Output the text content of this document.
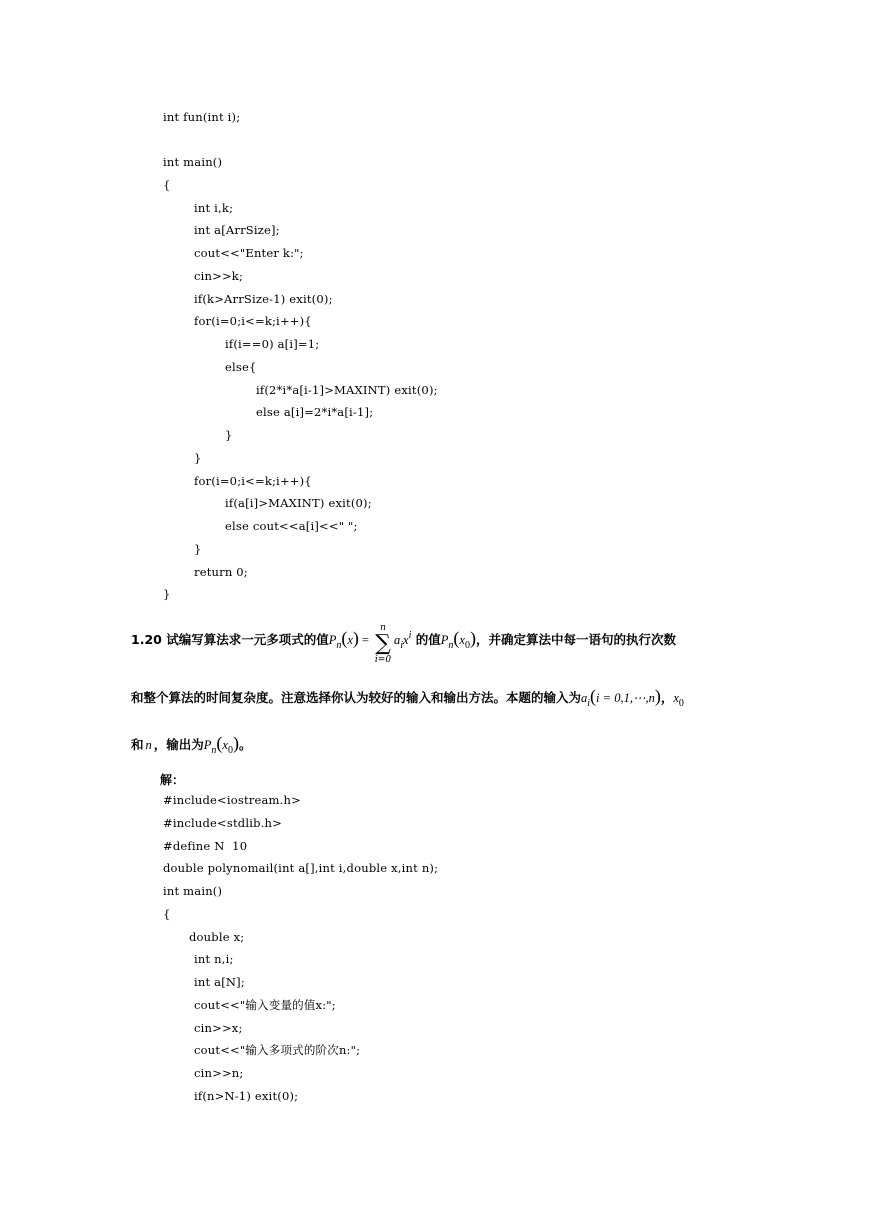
int fun(int i);
int main()
{
int i,k;
int a[ArrSize];
cout<<"Enter k:";
cin>>k;
if(k>ArrSize-1) exit(0);
for(i=0;i<=k;i++){
if(i==0) a[i]=1;
else{
if(2*i*a[i-1]>MAXINT) exit(0);
else a[i]=2*i*a[i-1];
}
}
for(i=0;i<=k;i++){
if(a[i]>MAXINT) exit(0);
else cout<<a[i]<<" ";
}
return 0;
}
1.20 试编写算法求一元多项式的值$P_n(x)$ =
n
∑
i=0
$a_ix^i$ 的值$P_n(x_0)$，并确定算法中每一语句的执行次数
和整个算法的时间复杂度。注意选择你认为较好的输入和输出方法。本题的输入为$a_i(i$ = 0,1,⋯,n)，$x_0$
和 n ，输出为$P_n(x_0)$。
解：
#include<iostream.h>
#include<stdlib.h>
#define N  10
double polynomail(int a[],int i,double x,int n);
int main()
{
double x;
int n,i;
int a[N];
cout<<"输入变量的值x:";
cin>>x;
cout<<"输入多项式的阶次n:";
cin>>n;
if(n>N-1) exit(0);
